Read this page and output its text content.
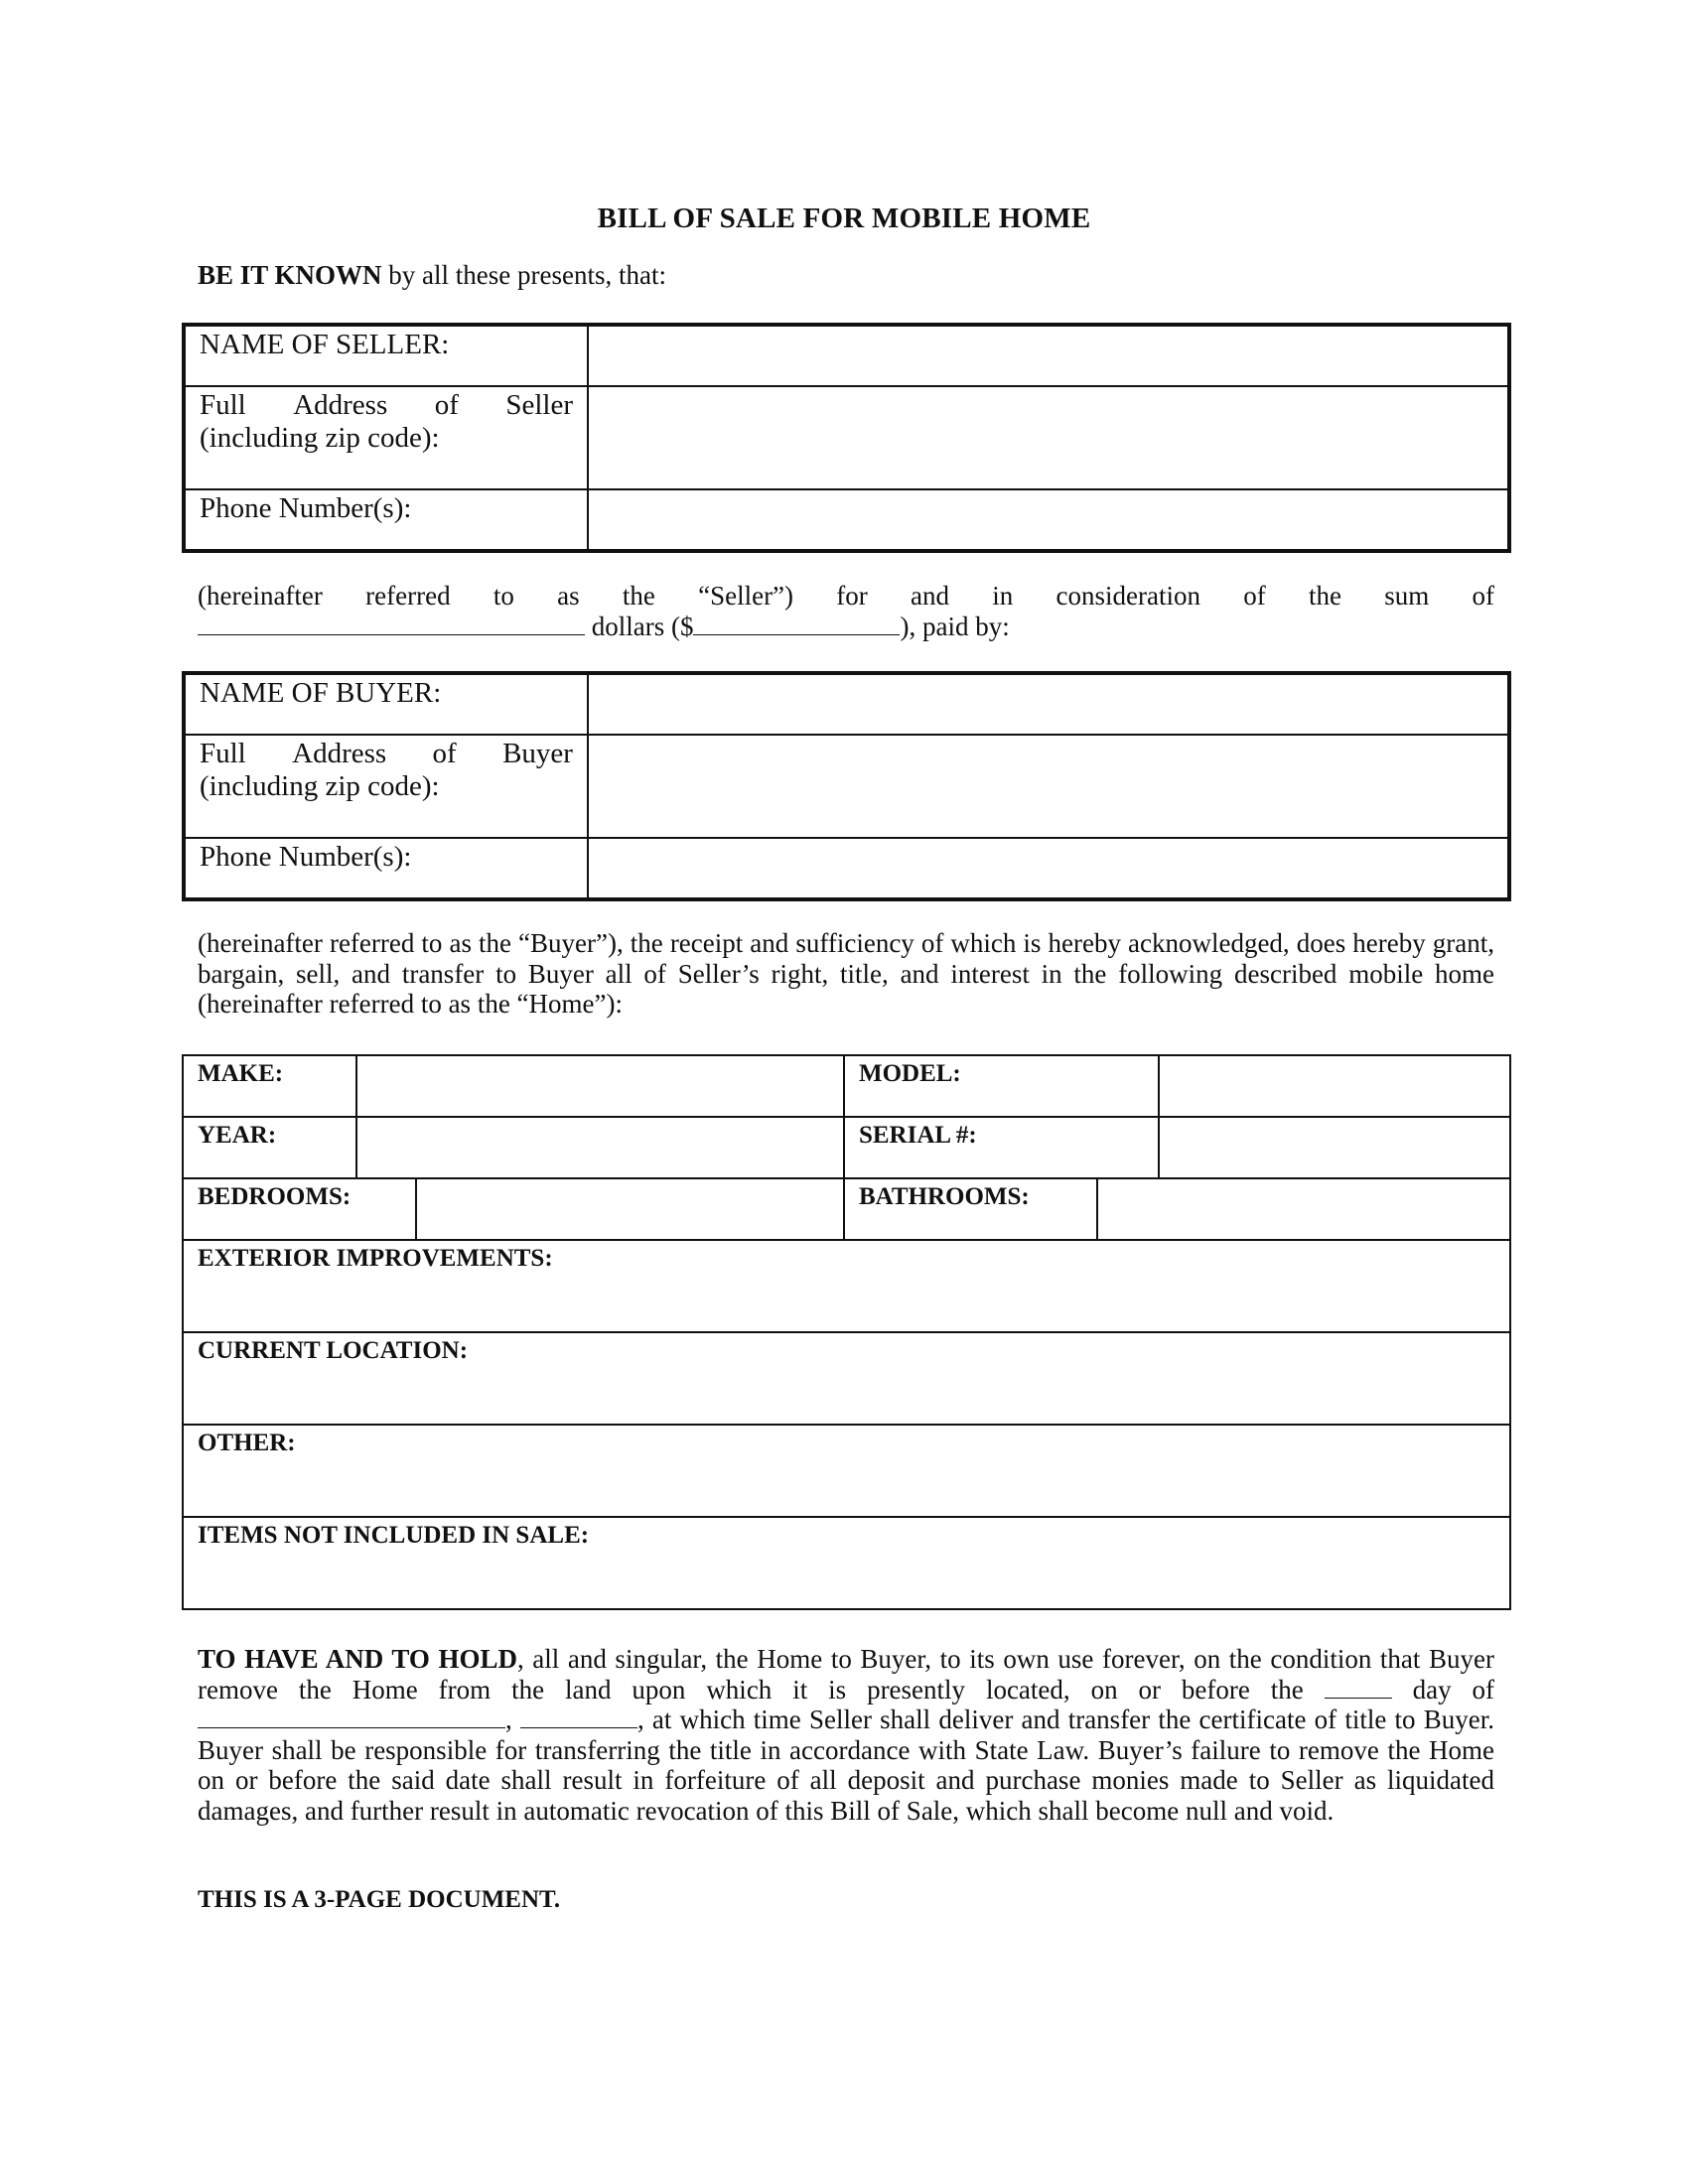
BILL OF SALE FOR MOBILE HOME
BE IT KNOWN by all these presents, that:
NAME OF SELLER:	

Full Address of Seller
(including zip code):	

Phone Number(s):	
(hereinafter referred to as the “Seller”) for and in consideration of the sum of
dollars ($	), paid by:
NAME OF BUYER:	

Full Address of Buyer
(including zip code):	

Phone Number(s):	
(hereinafter referred to as the “Buyer”), the receipt and sufficiency of which is hereby acknowledged, does hereby grant, bargain, sell, and transfer to Buyer all of Seller’s right, title, and interest in the following described mobile home (hereinafter referred to as the “Home”):
MAKE:			MODEL:		
YEAR:			SERIAL #:		
BEDROOMS:			BATHROOMS:		
EXTERIOR IMPROVEMENTS:					
CURRENT LOCATION:					
OTHER:					
ITEMS NOT INCLUDED IN SALE:					
TO HAVE AND TO HOLD, all and singular, the Home to Buyer, to its own use forever, on the condition that Buyer remove the Home from the land upon which it is presently located, on or before the	day of ,	, at which time Seller shall deliver and transfer the certificate of title to Buyer. Buyer shall be responsible for transferring the title in accordance with State Law. Buyer’s failure to remove the Home on or before the said date shall result in forfeiture of all deposit and purchase monies made to Seller as liquidated damages, and further result in automatic revocation of this Bill of Sale, which shall become null and void.
THIS IS A 3-PAGE DOCUMENT.
